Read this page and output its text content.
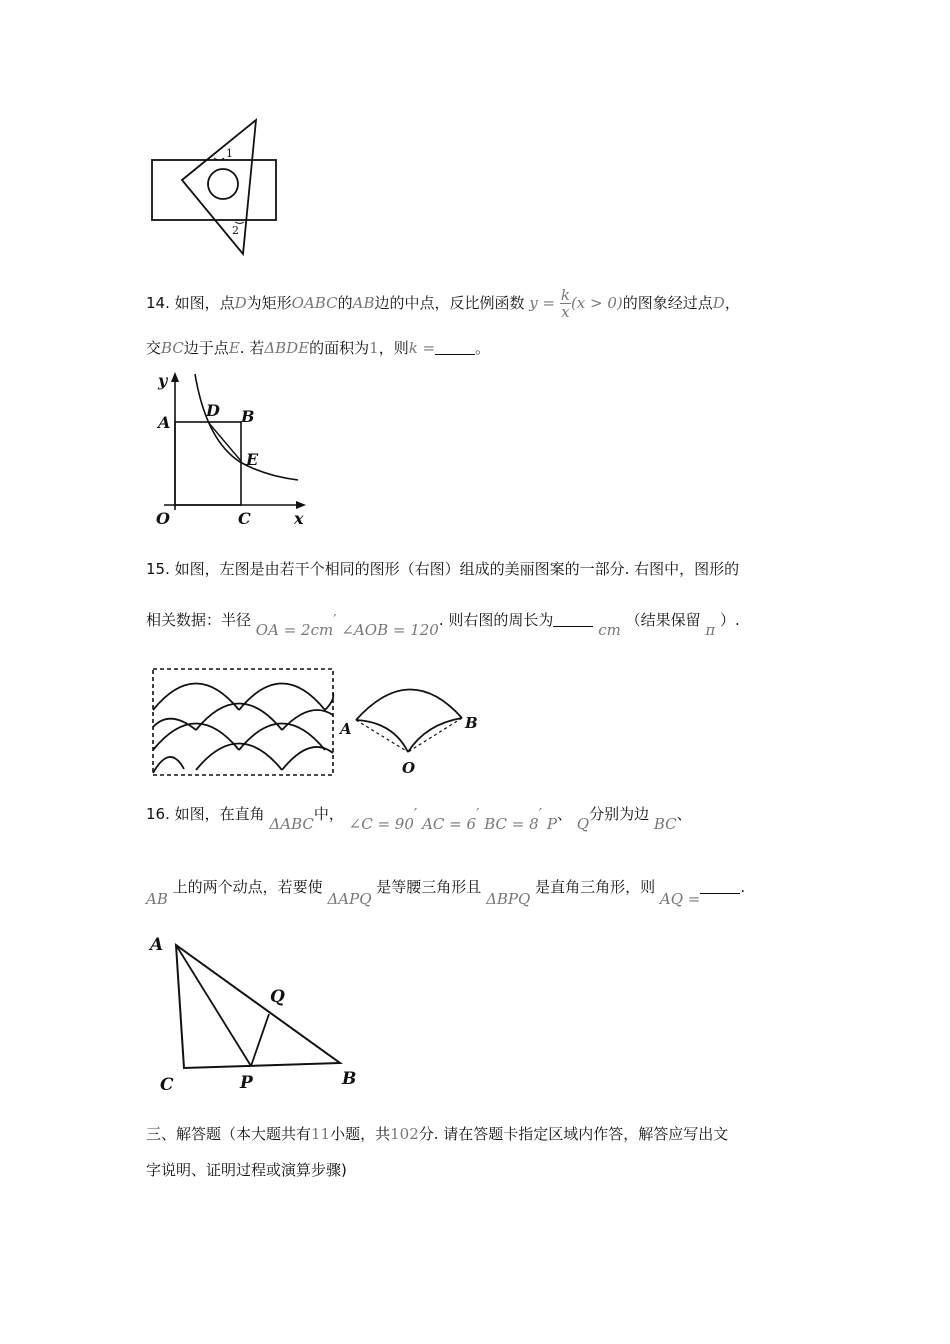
1
2
14. 如图，点D为矩形OABC的AB边的中点，反比例函数 $y = \frac{k}{x} (x > 0)$的图象经过点D，
交BC边于点E. 若ΔBDE的面积为1，则k =	。
y
A
D B
E
O	C	x
15. 如图，左图是由若干个相同的图形（右图）组成的美丽图案的一部分. 右图中，图形的
相关数据：半径 OA = 2cm′ ∠AOB = 120. 则右图的周长为 cm （结果保留 π ）.
A	B
O
16. 如图，在直角 ΔABC中， ∠C = 90′ AC = 6′ BC = 8′ P、 Q分别为边 BC、
AB 上的两个动点，若要使 ΔAPQ 是等腰三角形且 ΔBPQ 是直角三角形，则 AQ =.
A
Q
C	P	B
三、解答题（本大题共有11小题，共102分. 请在答题卡指定区域内作答，解答应写出文
字说明、证明过程或演算步骤)
